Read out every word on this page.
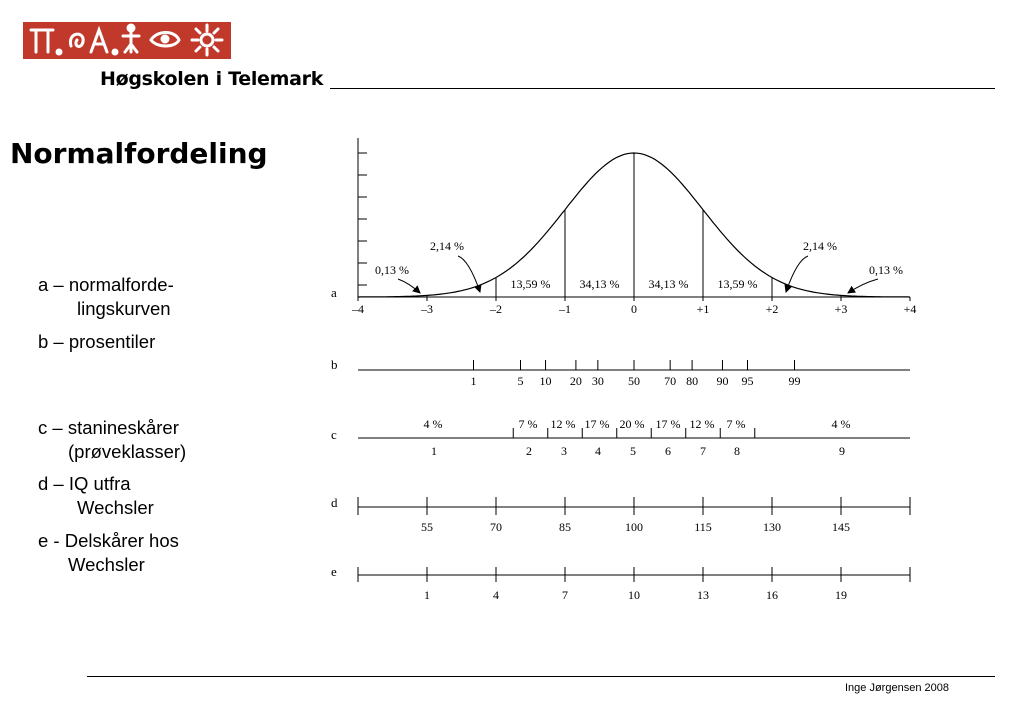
Høgskolen i Telemark
Normalfordeling
a – normalforde-
lingskurven
b – prosentiler
c – stanineskårer
(prøveklasser)
d – IQ utfra
Wechsler
e - Delskårer hos
Wechsler
a
b
c
d
e
–4	–3	–2	–1	0	+1	+2	+3	+4
13,59 % 34,13 % 34,13 % 13,59 %
0,13 %
2,14 %	2,14 %
0,13 %
1	5 10 20 30 50 70 80 90 95	99
4 %	7 % 12 % 17 % 20 % 17 % 12 % 7 %	4 %
1	2 3 4 5 6 7 8	9
55	70	85	100	115	130	145
1	4	7	10	13	16	19
Inge Jørgensen 2008
